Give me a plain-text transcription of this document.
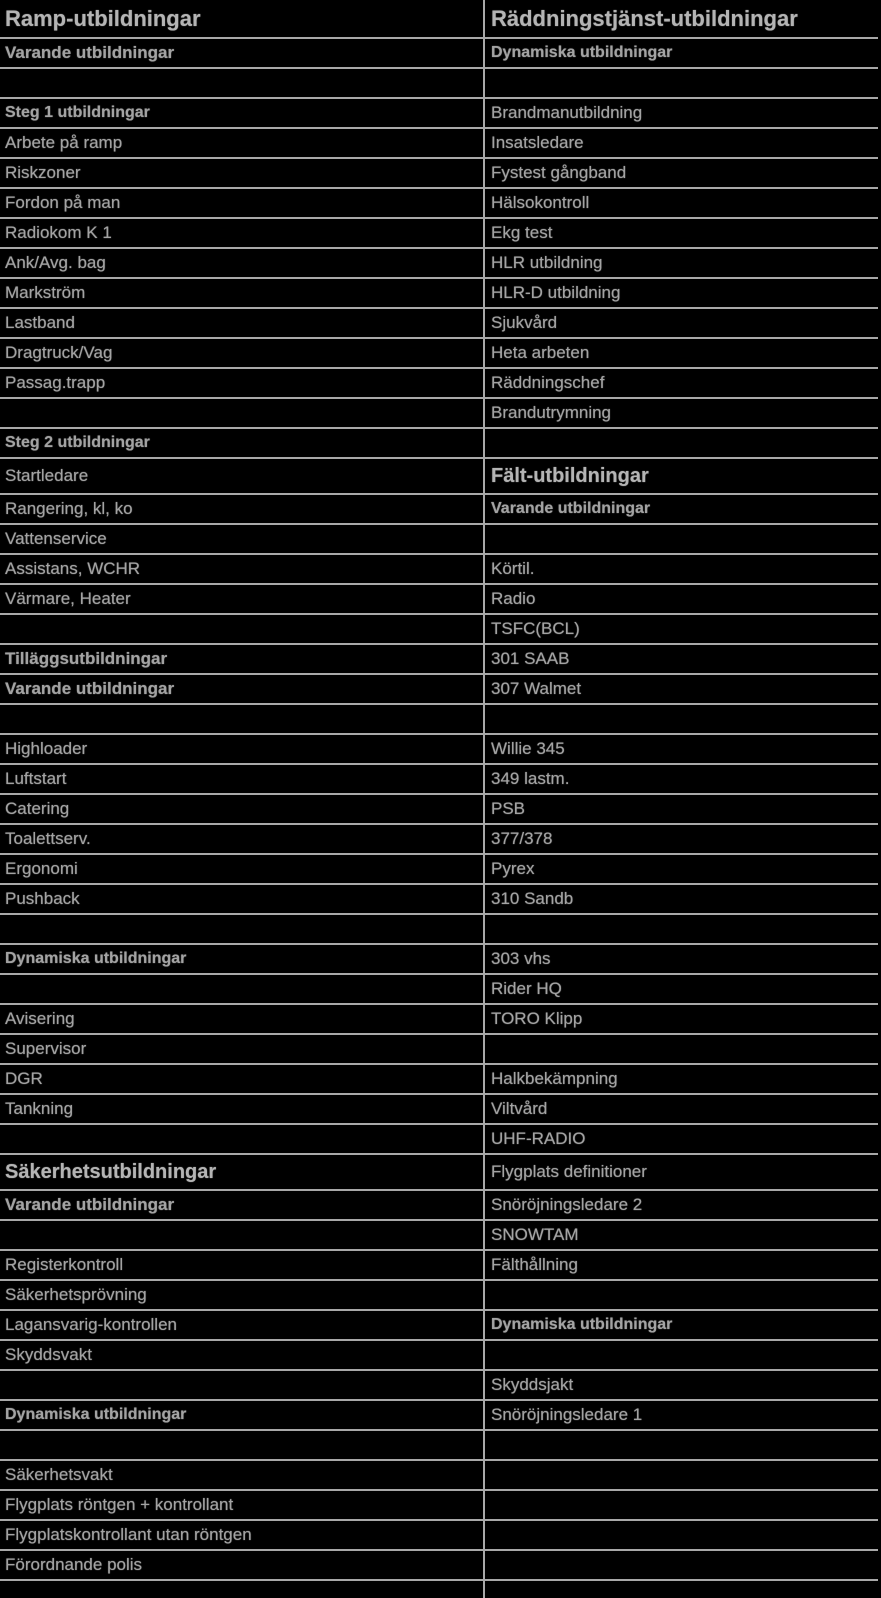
Ramp-utbildningar
Varande utbildningar
Steg 1 utbildningar
Arbete på ramp
Riskzoner
Fordon på man
Radiokom K 1
Ank/Avg. bag
Markström
Lastband
Dragtruck/Vag
Passag.trapp
Steg 2 utbildningar
Startledare
Rangering, kl, ko
Vattenservice
Assistans, WCHR
Värmare, Heater
Tilläggsutbildningar
Varande utbildningar
Highloader
Luftstart
Catering
Toalettserv.
Ergonomi
Pushback
Dynamiska utbildningar
Avisering
Supervisor
DGR
Tankning
Säkerhetsutbildningar
Varande utbildningar
Registerkontroll
Säkerhetsprövning
Lagansvarig-kontrollen
Skyddsvakt
Dynamiska utbildningar
Säkerhetsvakt
Flygplats röntgen + kontrollant
Flygplatskontrollant utan röntgen
Förordnande polis
Räddningstjänst-utbildningar
Dynamiska utbildningar
Brandmanutbildning
Insatsledare
Fystest gångband
Hälsokontroll
Ekg test
HLR utbildning
HLR-D utbildning
Sjukvård
Heta arbeten
Räddningschef
Brandutrymning
Fält-utbildningar
Varande utbildningar
Körtil.
Radio
TSFC(BCL)
301 SAAB
307 Walmet
Willie 345
349 lastm.
PSB
377/378
Pyrex
310 Sandb
303 vhs
Rider HQ
TORO Klipp
Halkbekämpning
Viltvård
UHF-RADIO
Flygplats definitioner
Snöröjningsledare 2
SNOWTAM
Fälthållning
Dynamiska utbildningar
Skyddsjakt
Snöröjningsledare 1
